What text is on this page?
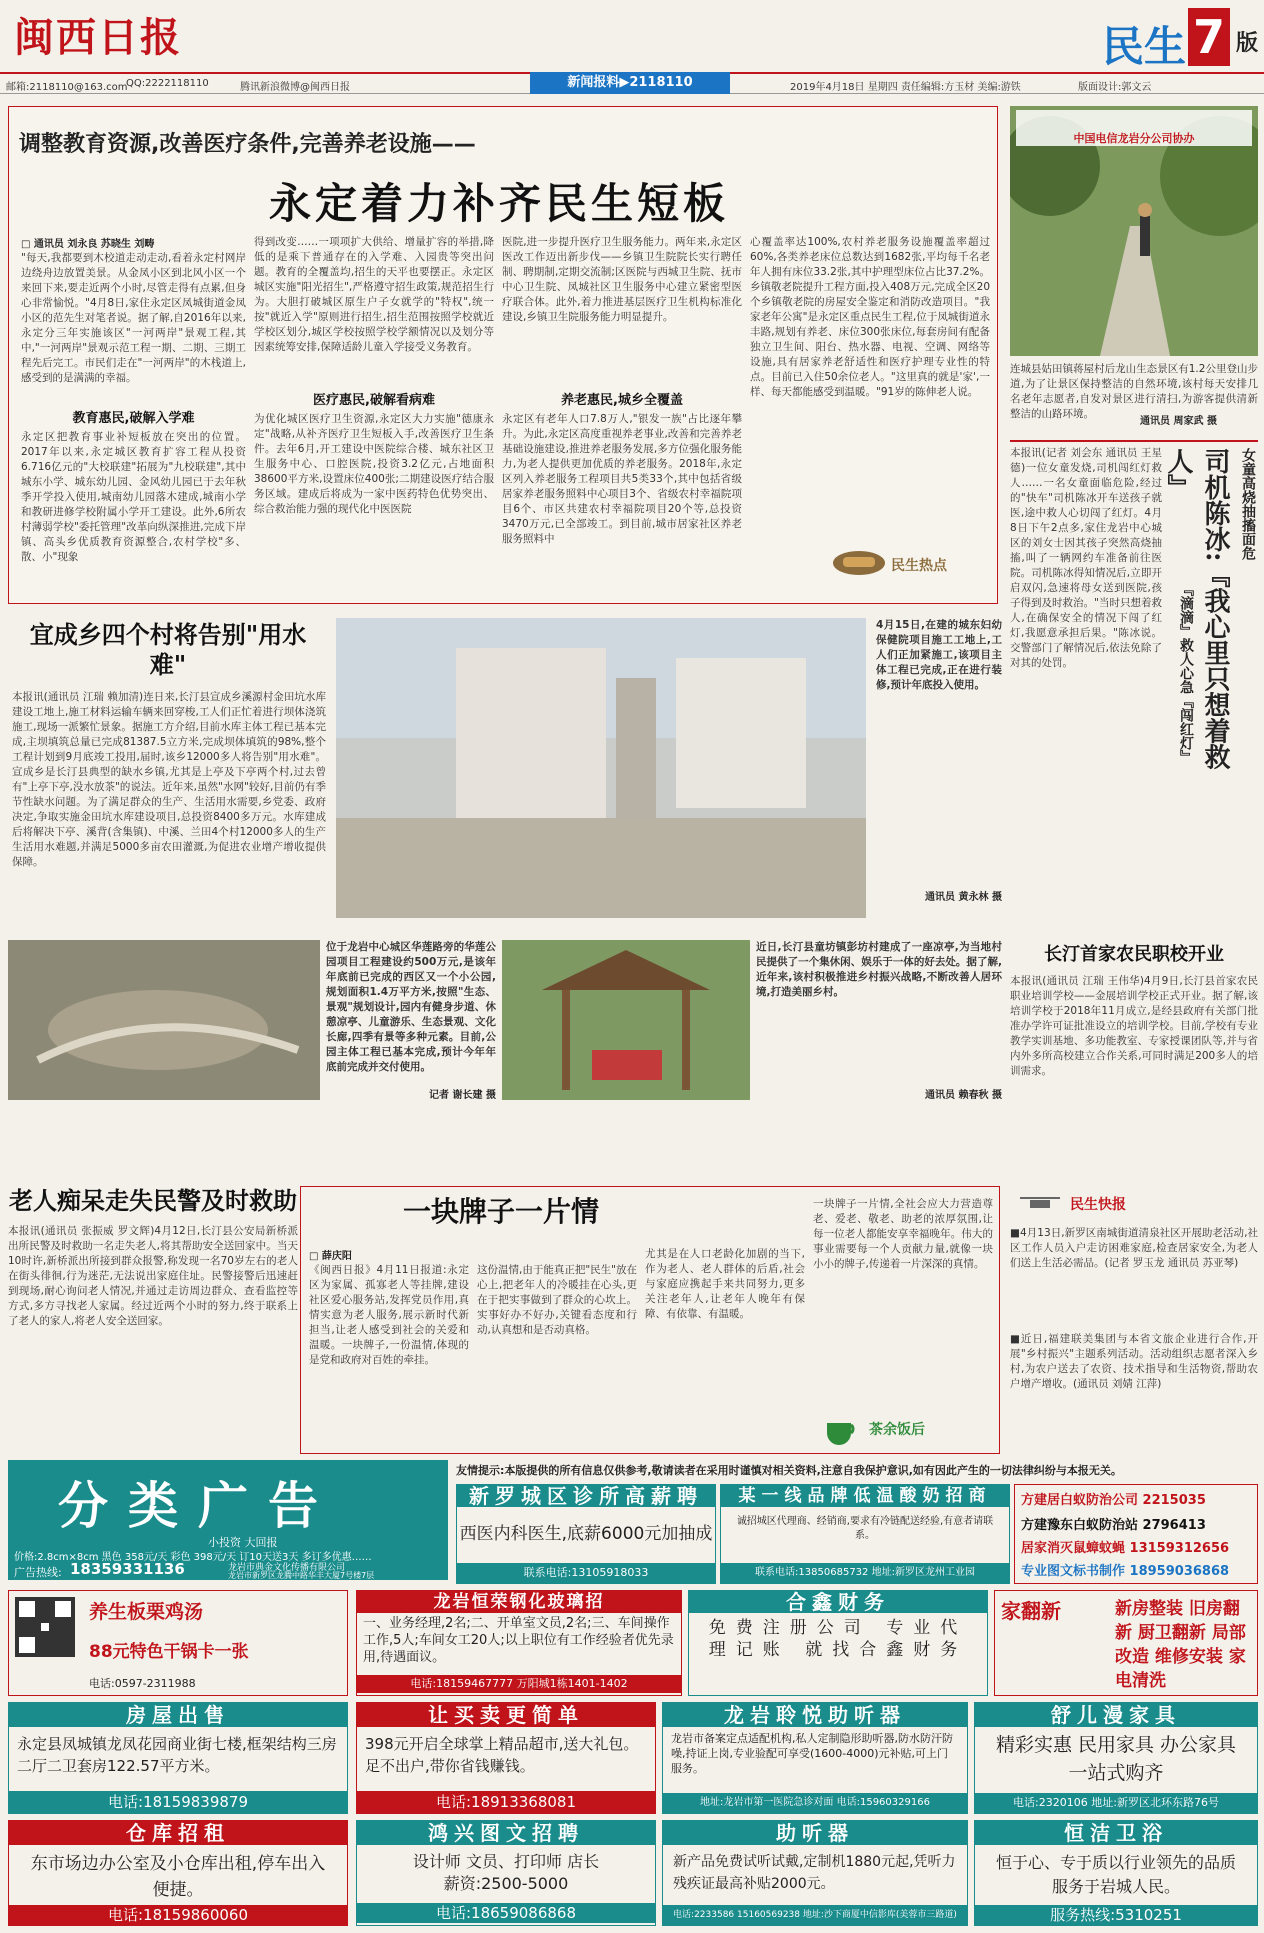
闽西日报	民生 7 版
邮箱:2118110@163.com
QQ:2222118110	腾讯新浪微博@闽西日报	2019年4月18日 星期四 责任编辑:方玉材 美编:游铁	版面设计:郭文云
新闻报料▶2118110
调整教育资源,改善医疗条件,完善养老设施——
永定着力补齐民生短板
□ 通讯员 刘永良 苏晓生 刘畴
"每天,我都要到木校道走动走动,看着永定村网岸边绕舟边放置美景。从金凤小区到北风小区一个来回下来,要走近两个小时,尽管走得有点累,但身心非常愉悦。"4月8日,家住永定区凤城街道金凤小区的范先生对笔者说。据了解,自2016年以来,永定分三年实施该区"一河两岸"景观工程,其中,"一河两岸"景观示范工程一期、二期、三期工程先后完工。市民们走在"一河两岸"的木栈道上,感受到的是满满的幸福。
教育惠民,破解入学难
永定区把教育事业补短板放在突出的位置。2017年以来,永定城区教育扩容工程从投资6.716亿元的"大校联建"拓展为"九校联建",其中城东小学、城东幼儿园、金风幼儿园已于去年秋季开学投入使用,城南幼儿园落木建成,城南小学和教研进修学校附属小学开工建设。此外,6所农村薄弱学校"委托管理"改革向纵深推进,完成下岸镇、高头乡优质教育资源整合,农村学校"多、散、小"现象
得到改变……一项项扩大供给、增量扩容的举措,降低的是乘下普通存在的入学难、入园贵等突出问题。教育的全覆盖均,招生的天平也要摆正。永定区城区实施"阳光招生",严格遵守招生政策,规范招生行为。大胆打破城区原生户子女就学的"特权",统一按"就近入学"原则进行招生,招生范围按照学校就近学校区划分,城区学校按照学校学额情况以及划分等因素统筹安排,保障适龄儿童入学接受义务教育。
医疗惠民,破解看病难
为优化城区医疗卫生资源,永定区大力实施"德康永定"战略,从补齐医疗卫生短板入手,改善医疗卫生条件。去年6月,开工建设中医院综合楼、城东社区卫生服务中心、口腔医院,投资3.2亿元,占地面积38600平方米,设置床位400张;二期建设医疗结合服务区域。建成后将成为一家中医药特色优势突出、综合救治能力强的现代化中医医院
医院,进一步提升医疗卫生服务能力。两年来,永定区医改工作迈出新步伐——乡镇卫生院院长实行聘任制、聘期制,定期交流制;区医院与西城卫生院、抚市中心卫生院、凤城社区卫生服务中心建立紧密型医疗联合体。此外,着力推进基层医疗卫生机构标准化建设,乡镇卫生院服务能力明显提升。
养老惠民,城乡全覆盖
永定区有老年人口7.8万人,"银发一族"占比逐年攀升。为此,永定区高度重视养老事业,改善和完善养老基础设施建设,推进养老服务发展,多方位强化服务能力,为老人提供更加优质的养老服务。2018年,永定区列入养老服务工程项目共5类33个,其中包括省级居家养老服务照料中心项目3个、省级农村幸福院项目6个、市区共建农村幸福院项目20个等,总投资3470万元,已全部竣工。到目前,城市居家社区养老服务照料中
心覆盖率达100%,农村养老服务设施覆盖率超过60%,各类养老床位总数达到1682张,平均每千名老年人拥有床位33.2张,其中护理型床位占比37.2%。乡镇敬老院提升工程方面,投入408万元,完成全区20个乡镇敬老院的房屋安全鉴定和消防改造项目。"我家老年公寓"是永定区重点民生工程,位于凤城街道永丰路,规划有养老、床位300张床位,每套房间有配备独立卫生间、阳台、热水器、电视、空调、网络等设施,具有居家养老舒适性和医疗护理专业性的特点。目前已入住50余位老人。"这里真的就是'家',一样、每天都能感受到温暖。"91岁的陈伸老人说。
民生热点
中国电信龙岩分公司协办
连城县姑田镇蒋屋村后龙山生态景区有1.2公里登山步道,为了让景区保持整洁的自然环境,该村每天安排几名老年志愿者,自发对景区进行清扫,为游客提供清新整洁的山路环境。
通讯员 周家武 摄
女童高烧抽搐面危
司机陈冰:『我心里只想着救人』
『滴滴』救人心急『闯红灯』
本报讯(记者 刘会东 通讯员 王星德)一位女童发烧,司机闯红灯救人……一名女童面临危险,经过的"快车"司机陈冰开车送孩子就医,途中救人心切闯了红灯。4月8日下午2点多,家住龙岩中心城区的刘女士因其孩子突然高烧抽搐,叫了一辆网约车准备前往医院。司机陈冰得知情况后,立即开启双闪,急速将母女送到医院,孩子得到及时救治。"当时只想着救人,在确保安全的情况下闯了红灯,我愿意承担后果。"陈冰说。交警部门了解情况后,依法免除了对其的处罚。
宜成乡四个村将告别"用水难"
本报讯(通讯员 江瑞 赖加清)连日来,长汀县宣成乡溪源村金田坑水库建设工地上,施工材料运输车辆来回穿梭,工人们正忙着进行坝体浇筑施工,现场一派繁忙景象。据施工方介绍,目前水库主体工程已基本完成,主坝填筑总量已完成81387.5立方米,完成坝体填筑的98%,整个工程计划到9月底竣工投用,届时,该乡12000多人将告别"用水难"。宣成乡是长汀县典型的缺水乡镇,尤其是上亭及下亭两个村,过去曾有"上亭下亭,没水放茶"的说法。近年来,虽然"水网"较好,目前仍有季节性缺水问题。为了满足群众的生产、生活用水需要,乡党委、政府决定,争取实施金田坑水库建设项目,总投资8400多万元。水库建成后将解决下亭、溪背(含集镇)、中溪、兰田4个村12000多人的生产生活用水难题,并满足5000多亩农田灌溉,为促进农业增产增收提供保障。
4月15日,在建的城东妇幼保健院项目施工工地上,工人们正加紧施工,该项目主体工程已完成,正在进行装修,预计年底投入使用。
通讯员 黄永林 摄
位于龙岩中心城区华莲路旁的华莲公园项目工程建设约500万元,是该年年底前已完成的西区又一个小公园,规划面积1.4万平方米,按照"生态、景观"规划设计,园内有健身步道、休憩凉亭、儿童游乐、生态景观、文化长廊,四季有景等多种元素。目前,公园主体工程已基本完成,预计今年年底前完成并交付使用。
记者 谢长建 摄
近日,长汀县童坊镇彭坊村建成了一座凉亭,为当地村民提供了一个集休闲、娱乐于一体的好去处。据了解,近年来,该村积极推进乡村振兴战略,不断改善人居环境,打造美丽乡村。
通讯员 赖春秋 摄
长汀首家农民职校开业
本报讯(通讯员 江瑞 王伟华)4月9日,长汀县首家农民职业培训学校——金展培训学校正式开业。据了解,该培训学校于2018年11月成立,是经县政府有关部门批准办学许可证批准设立的培训学校。目前,学校有专业教学实训基地、多功能教室、专家授课团队等,并与省内外多所高校建立合作关系,可同时满足200多人的培训需求。
老人痴呆走失民警及时救助
本报讯(通讯员 张振威 罗文辉)4月12日,长汀县公安局新桥派出所民警及时救助一名走失老人,将其帮助安全送回家中。当天10时许,新桥派出所接到群众报警,称发现一名70岁左右的老人在街头徘徊,行为迷茫,无法说出家庭住址。民警接警后迅速赶到现场,耐心询问老人情况,并通过走访周边群众、查看监控等方式,多方寻找老人家属。经过近两个小时的努力,终于联系上了老人的家人,将老人安全送回家。
一块牌子一片情
□ 薛庆阳
《闽西日报》4月11日报道:永定区为家属、孤寡老人等挂牌,建设社区爱心服务站,发挥党员作用,真情实意为老人服务,展示新时代新担当,让老人感受到社会的关爱和温暖。一块牌子,一份温情,体现的是党和政府对百姓的牵挂。
这份温情,由于能真正把"民生"放在心上,把老年人的冷暖挂在心头,更在于把实事做到了群众的心坎上。实事好办不好办,关键看态度和行动,认真想和是否动真格。
尤其是在人口老龄化加剧的当下,作为老人、老人群体的后盾,社会与家庭应携起手来共同努力,更多关注老年人,让老年人晚年有保障、有依靠、有温暖。
一块牌子一片情,全社会应大力营造尊老、爱老、敬老、助老的浓厚氛围,让每一位老人都能安享幸福晚年。伟大的事业需要每一个人贡献力量,就像一块小小的牌子,传递着一片深深的真情。
茶余饭后
民生快报
■4月13日,新罗区南城街道清泉社区开展助老活动,社区工作人员入户走访困难家庭,检查居家安全,为老人们送上生活必需品。(记者 罗玉龙 通讯员 苏亚琴)
■近日,福建联美集团与本省文旅企业进行合作,开展"乡村振兴"主题系列活动。活动组织志愿者深入乡村,为农户送去了农资、技术指导和生活物资,帮助农户增产增收。(通讯员 刘婧 江萍)
分类广告
小投资 大回报
价格:2.8cm×8cm 黑色 358元/天 彩色 398元/天 订10天送3天 多订多优惠……
广告热线: 18359331136	龙岩市典金文化传播有限公司
龙岩市新罗区龙腾中路华丰大厦7号楼7层
友情提示:本版提供的所有信息仅供参考,敬请读者在采用时谨慎对相关资料,注意自我保护意识,如有因此产生的一切法律纠纷与本报无关。
新罗城区诊所高薪聘
西医内科医生,底薪6000元加抽成
联系电话:13105918033
某一线品牌低温酸奶招商
诚招城区代理商、经销商,要求有冷链配送经验,有意者请联系。
联系电话:13850685732 地址:新罗区龙州工业园
方建居白蚁防治公司 2215035
方建豫东白蚁防治站 2796413
居家消灭鼠蟑蚊蝇 13159312656
专业图文标书制作 18959036868
养生板栗鸡汤
88元特色干锅卡一张
电话:0597-2311988
龙岩恒荣钢化玻璃招
一、业务经理,2名;二、开单室文员,2名;三、车间操作工作,5人;车间女工20人;以上职位有工作经验者优先录用,待遇面议。
电话:18159467777 万阳城1栋1401-1402
合鑫财务
免费注册公司 专业代理记账 就找合鑫财务
家翻新	新房整装 旧房翻新 厨卫翻新 局部改造 维修安装 家电清洗
房屋出售
永定县凤城镇龙凤花园商业街七楼,框架结构三房二厅二卫套房122.57平方米。
电话:18159839879
让买卖更简单
398元开启全球掌上精品超市,送大礼包。足不出户,带你省钱赚钱。
电话:18913368081
龙岩聆悦助听器
龙岩市备案定点适配机构,私人定制隐形助听器,防水防汗防噪,持证上岗,专业验配可享受(1600-4000)元补贴,可上门服务。
地址:龙岩市第一医院急诊对面 电话:15960329166
舒儿漫家具
精彩实惠 民用家具 办公家具 一站式购齐
电话:2320106 地址:新罗区北环东路76号
仓库招租
东市场边办公室及小仓库出租,停车出入便捷。
电话:18159860060
鸿兴图文招聘
设计师 文员、打印师 店长
薪资:2500-5000
电话:18659086868
助听器
新产品免费试听试戴,定制机1880元起,凭听力残疾证最高补贴2000元。
电话:2233586 15160569238 地址:沙下商厦中信影库(美蓉市三路道)
恒洁卫浴
恒于心、专于质以行业领先的品质服务于岩城人民。
服务热线:5310251
